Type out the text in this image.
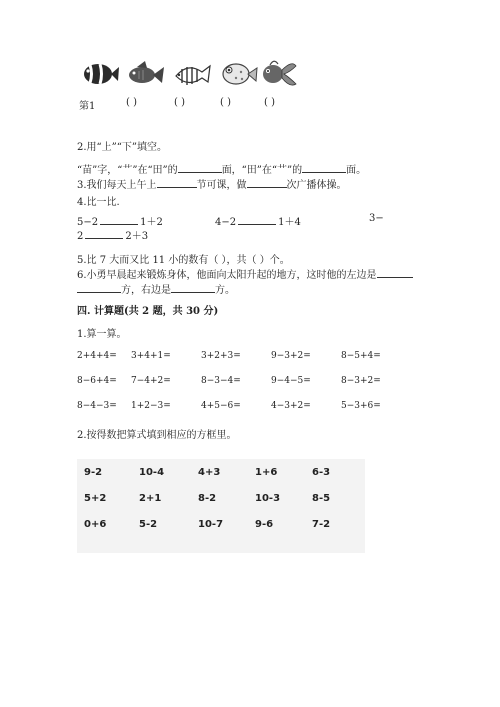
第1	( )	( )	( )	( )
2.用“上”“下”填空。
“苗”字，“艹”在“田”的	面，“田”在“艹”的	面。
3.我们每天上午上	节可课，做	次广播体操。
4.比一比.
5−2	1＋2	4−2	1＋4	3−
2	2＋3
5.比 7 大而又比 11 小的数有（ ），共（ ）个。
6.小勇早晨起来锻炼身体，他面向太阳升起的地方，这时他的左边是
方，右边是	方。
四. 计算题(共 2 题，共 30 分)
1.算一算。
2+4+4= 3+4+1=	3+2+3=	9−3+2=	8−5+4=
8−6+4= 7−4+2=	8−3−4=	9−4−5=	8−3+2=
8−4−3= 1+2−3=	4+5−6=	4−3+2=	5−3+6=
2.按得数把算式填到相应的方框里。
9-2	10-4	4+3	1+6	6-3
5+2	2+1	8-2	10-3	8-5
0+6	5-2	10-7	9-6	7-2
